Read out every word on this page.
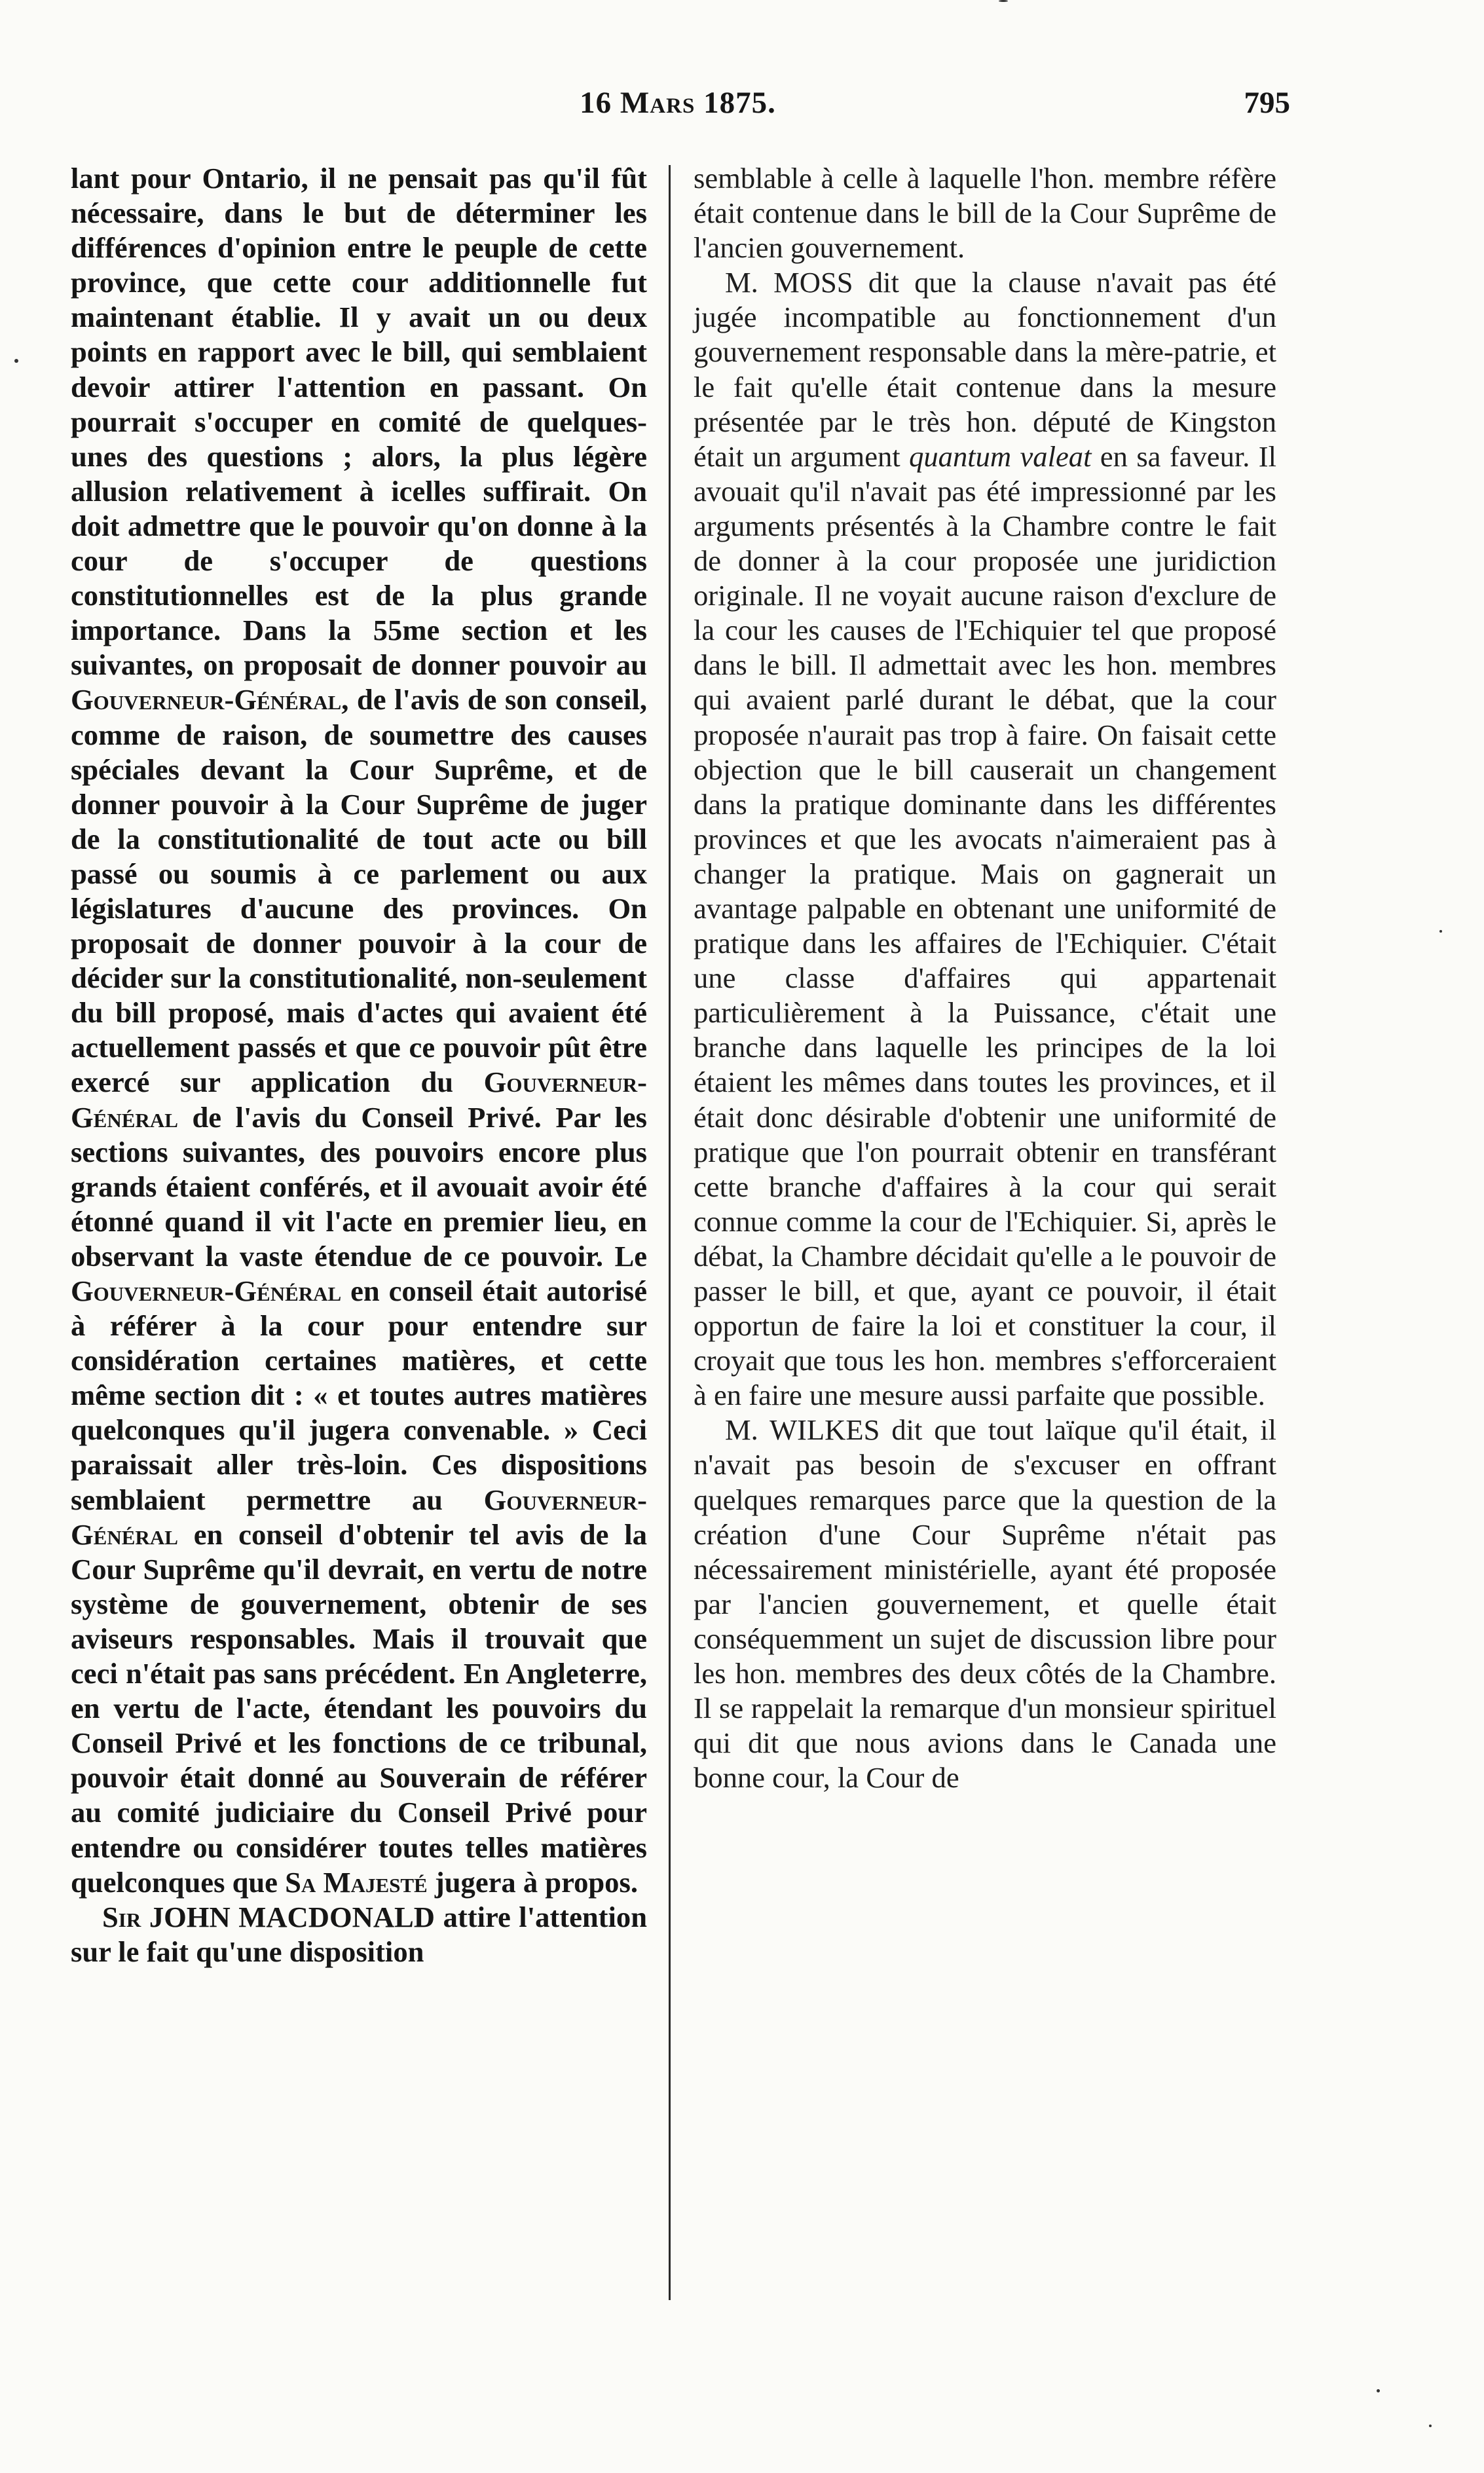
16 Mars 1875.	795

lant pour Ontario, il ne pensait pas qu'il fût nécessaire, dans le but de déterminer les différences d'opinion entre le peuple de cette province, que cette cour additionnelle fut maintenant établie. Il y avait un ou deux points en rapport avec le bill, qui semblaient devoir attirer l'attention en passant. On pourrait s'occuper en comité de quelques-unes des questions ; alors, la plus légère allusion relativement à icelles suffirait. On doit admettre que le pouvoir qu'on donne à la cour de s'occuper de questions constitutionnelles est de la plus grande importance. Dans la 55me section et les suivantes, on proposait de donner pouvoir au Gouverneur-Général, de l'avis de son conseil, comme de raison, de soumettre des causes spéciales devant la Cour Suprême, et de donner pouvoir à la Cour Suprême de juger de la constitutionalité de tout acte ou bill passé ou soumis à ce parlement ou aux législatures d'aucune des provinces. On proposait de donner pouvoir à la cour de décider sur la constitutionalité, non-seulement du bill proposé, mais d'actes qui avaient été actuellement passés et que ce pouvoir pût être exercé sur application du Gouverneur-Général de l'avis du Conseil Privé. Par les sections suivantes, des pouvoirs encore plus grands étaient conférés, et il avouait avoir été étonné quand il vit l'acte en premier lieu, en observant la vaste étendue de ce pouvoir. Le Gouverneur-Général en conseil était autorisé à référer à la cour pour entendre sur considération certaines matières, et cette même section dit : « et toutes autres matières quelconques qu'il jugera convenable. » Ceci paraissait aller très-loin. Ces dispositions semblaient permettre au Gouverneur-Général en conseil d'obtenir tel avis de la Cour Suprême qu'il devrait, en vertu de notre système de gouvernement, obtenir de ses aviseurs responsables. Mais il trouvait que ceci n'était pas sans précédent. En Angleterre, en vertu de l'acte, étendant les pouvoirs du Conseil Privé et les fonctions de ce tribunal, pouvoir était donné au Souverain de référer au comité judiciaire du Conseil Privé pour entendre ou considérer toutes telles matières quelconques que Sa Majesté jugera à propos.

Sir JOHN MACDONALD attire l'attention sur le fait qu'une disposition

semblable à celle à laquelle l'hon. membre réfère était contenue dans le bill de la Cour Suprême de l'ancien gouvernement.

M. MOSS dit que la clause n'avait pas été jugée incompatible au fonctionnement d'un gouvernement responsable dans la mère-patrie, et le fait qu'elle était contenue dans la mesure présentée par le très hon. député de Kingston était un argument quantum valeat en sa faveur. Il avouait qu'il n'avait pas été impressionné par les arguments présentés à la Chambre contre le fait de donner à la cour proposée une juridiction originale. Il ne voyait aucune raison d'exclure de la cour les causes de l'Echiquier tel que proposé dans le bill. Il admettait avec les hon. membres qui avaient parlé durant le débat, que la cour proposée n'aurait pas trop à faire. On faisait cette objection que le bill causerait un changement dans la pratique dominante dans les différentes provinces et que les avocats n'aimeraient pas à changer la pratique. Mais on gagnerait un avantage palpable en obtenant une uniformité de pratique dans les affaires de l'Echiquier. C'était une classe d'affaires qui appartenait particulièrement à la Puissance, c'était une branche dans laquelle les principes de la loi étaient les mêmes dans toutes les provinces, et il était donc désirable d'obtenir une uniformité de pratique que l'on pourrait obtenir en transférant cette branche d'affaires à la cour qui serait connue comme la cour de l'Echiquier. Si, après le débat, la Chambre décidait qu'elle a le pouvoir de passer le bill, et que, ayant ce pouvoir, il était opportun de faire la loi et constituer la cour, il croyait que tous les hon. membres s'efforceraient à en faire une mesure aussi parfaite que possible.

M. WILKES dit que tout laïque qu'il était, il n'avait pas besoin de s'excuser en offrant quelques remarques parce que la question de la création d'une Cour Suprême n'était pas nécessairement ministérielle, ayant été proposée par l'ancien gouvernement, et quelle était conséquemment un sujet de discussion libre pour les hon. membres des deux côtés de la Chambre. Il se rappelait la remarque d'un monsieur spirituel qui dit que nous avions dans le Canada une bonne cour, la Cour de
